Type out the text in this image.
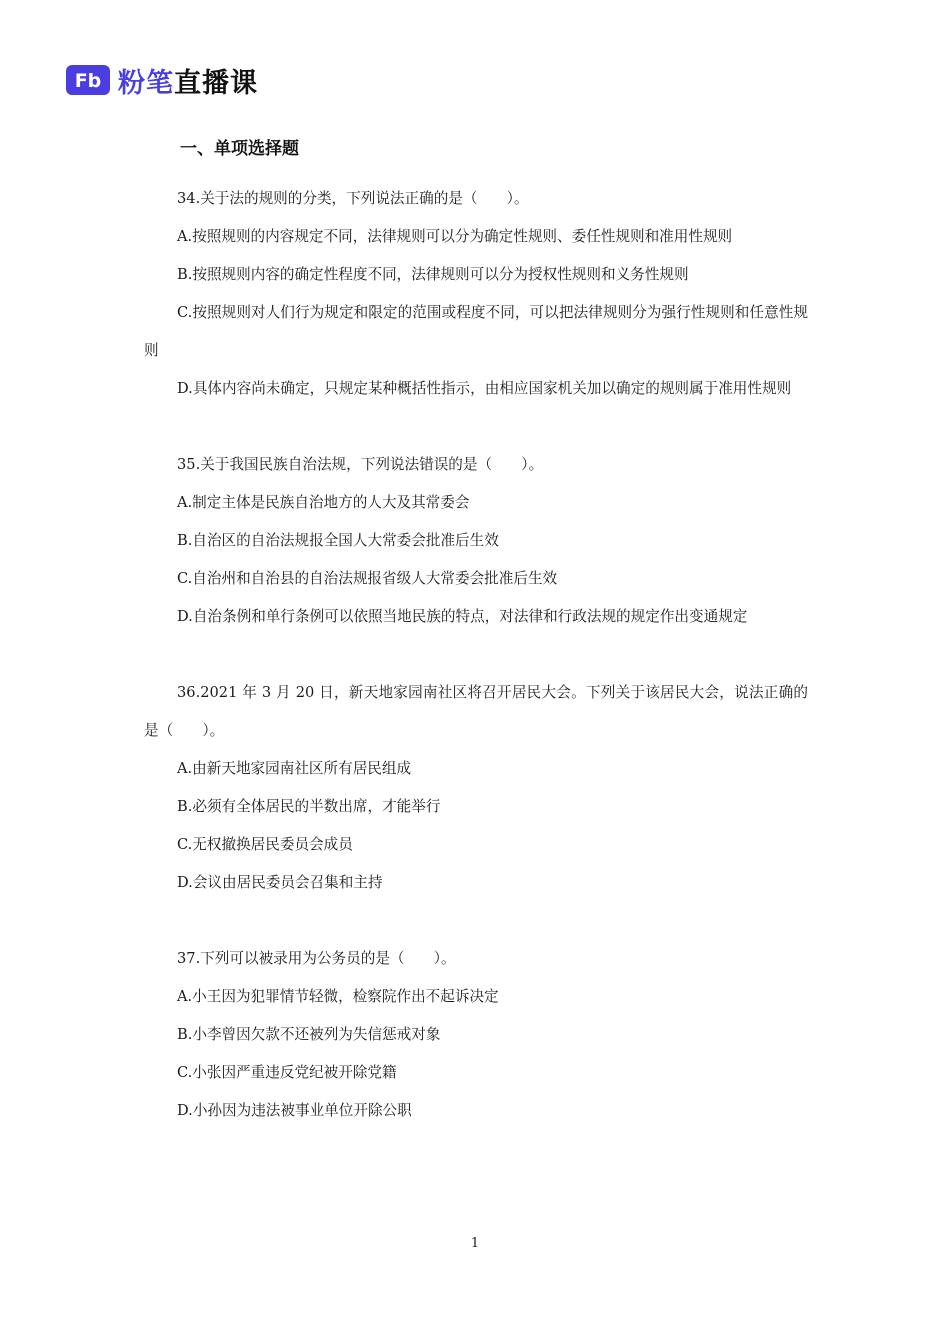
Fb 粉笔 直播课
一、单项选择题
34.关于法的规则的分类，下列说法正确的是（　　）。
A.按照规则的内容规定不同，法律规则可以分为确定性规则、委任性规则和准用性规则
B.按照规则内容的确定性程度不同，法律规则可以分为授权性规则和义务性规则
C.按照规则对人们行为规定和限定的范围或程度不同，可以把法律规则分为强行性规则和任意性规则
D.具体内容尚未确定，只规定某种概括性指示，由相应国家机关加以确定的规则属于准用性规则
35.关于我国民族自治法规，下列说法错误的是（　　）。
A.制定主体是民族自治地方的人大及其常委会
B.自治区的自治法规报全国人大常委会批准后生效
C.自治州和自治县的自治法规报省级人大常委会批准后生效
D.自治条例和单行条例可以依照当地民族的特点，对法律和行政法规的规定作出变通规定
36.2021 年 3 月 20 日，新天地家园南社区将召开居民大会。下列关于该居民大会，说法正确的是（　　）。
A.由新天地家园南社区所有居民组成
B.必须有全体居民的半数出席，才能举行
C.无权撤换居民委员会成员
D.会议由居民委员会召集和主持
37.下列可以被录用为公务员的是（　　）。
A.小王因为犯罪情节轻微，检察院作出不起诉决定
B.小李曾因欠款不还被列为失信惩戒对象
C.小张因严重违反党纪被开除党籍
D.小孙因为违法被事业单位开除公职
1
